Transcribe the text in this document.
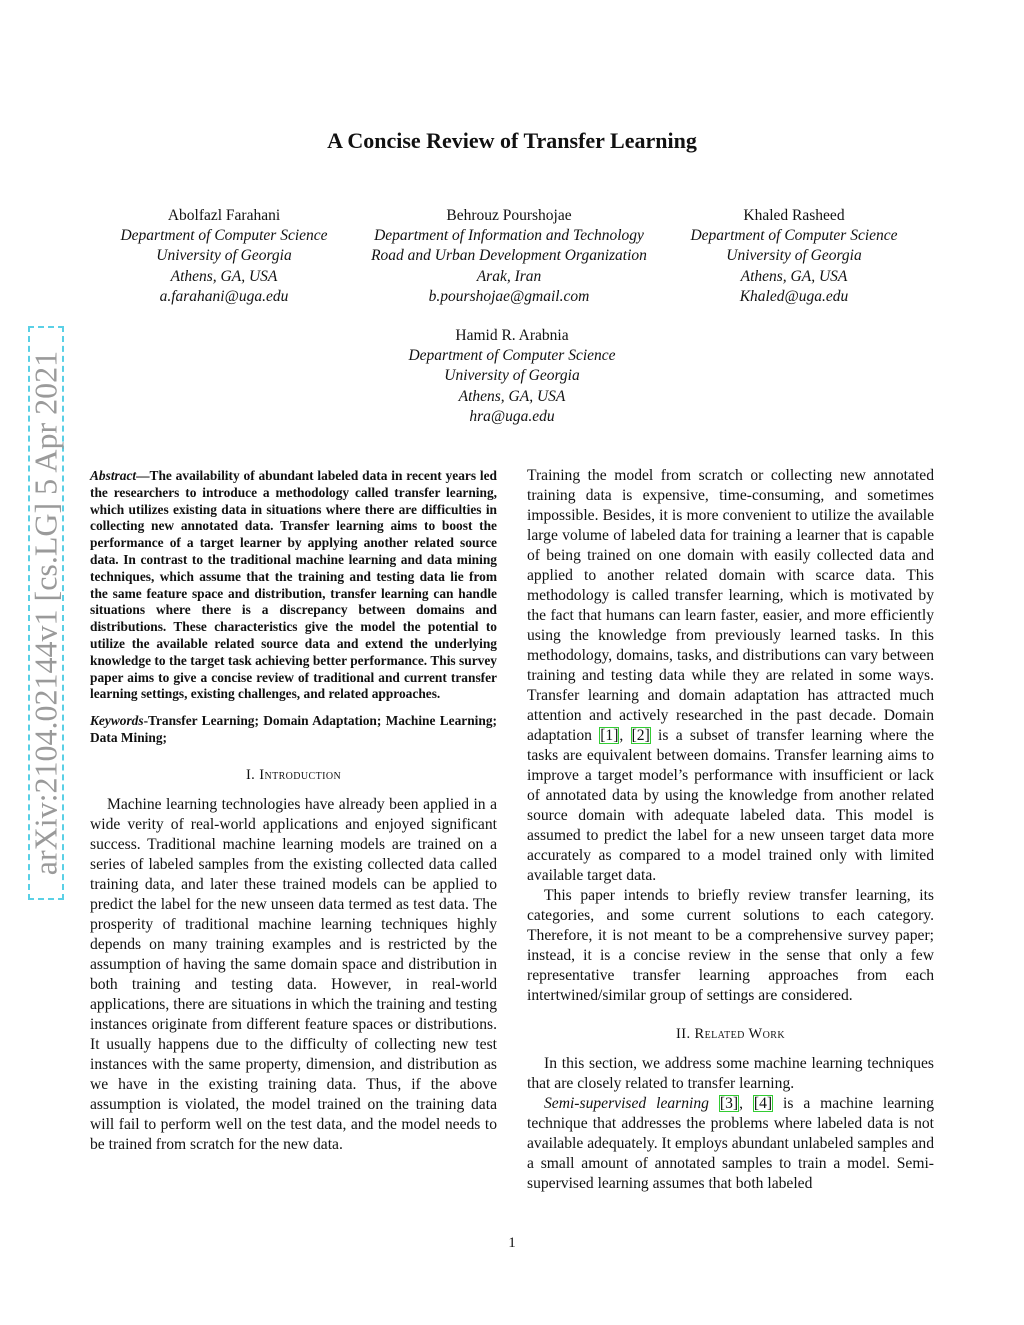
arXiv:2104.02144v1 [cs.LG] 5 Apr 2021
A Concise Review of Transfer Learning
Abolfazl Farahani
Department of Computer Science
University of Georgia
Athens, GA, USA
a.farahani@uga.edu
Behrouz Pourshojae
Department of Information and Technology
Road and Urban Development Organization
Arak, Iran
b.pourshojae@gmail.com
Khaled Rasheed
Department of Computer Science
University of Georgia
Athens, GA, USA
Khaled@uga.edu
Hamid R. Arabnia
Department of Computer Science
University of Georgia
Athens, GA, USA
hra@uga.edu

Abstract—The availability of abundant labeled data in recent years led the researchers to introduce a methodology called transfer learning, which utilizes existing data in situations where there are difficulties in collecting new annotated data. Transfer learning aims to boost the performance of a target learner by applying another related source data. In contrast to the traditional machine learning and data mining techniques, which assume that the training and testing data lie from the same feature space and distribution, transfer learning can handle situations where there is a discrepancy between domains and distributions. These characteristics give the model the potential to utilize the available related source data and extend the underlying knowledge to the target task achieving better performance. This survey paper aims to give a concise review of traditional and current transfer learning settings, existing challenges, and related approaches.

Keywords-Transfer Learning; Domain Adaptation; Machine Learning; Data Mining;

I. Introduction

Machine learning technologies have already been applied in a wide verity of real-world applications and enjoyed significant success. Traditional machine learning models are trained on a series of labeled samples from the existing collected data called training data, and later these trained models can be applied to predict the label for the new unseen data termed as test data. The prosperity of traditional machine learning techniques highly depends on many training examples and is restricted by the assumption of having the same domain space and distribution in both training and testing data. However, in real-world applications, there are situations in which the training and testing instances originate from different feature spaces or distributions. It usually happens due to the difficulty of collecting new test instances with the same property, dimension, and distribution as we have in the existing training data. Thus, if the above assumption is violated, the model trained on the training data will fail to perform well on the test data, and the model needs to be trained from scratch for the new data.

Training the model from scratch or collecting new annotated training data is expensive, time-consuming, and sometimes impossible. Besides, it is more convenient to utilize the available large volume of labeled data for training a learner that is capable of being trained on one domain with easily collected data and applied to another related domain with scarce data. This methodology is called transfer learning, which is motivated by the fact that humans can learn faster, easier, and more efficiently using the knowledge from previously learned tasks. In this methodology, domains, tasks, and distributions can vary between training and testing data while they are related in some ways. Transfer learning and domain adaptation has attracted much attention and actively researched in the past decade. Domain adaptation [1], [2] is a subset of transfer learning where the tasks are equivalent between domains. Transfer learning aims to improve a target model’s performance with insufficient or lack of annotated data by using the knowledge from another related source domain with adequate labeled data. This model is assumed to predict the label for a new unseen target data more accurately as compared to a model trained only with limited available target data.

This paper intends to briefly review transfer learning, its categories, and some current solutions to each category. Therefore, it is not meant to be a comprehensive survey paper; instead, it is a concise review in the sense that only a few representative transfer learning approaches from each intertwined/similar group of settings are considered.

II. Related Work

In this section, we address some machine learning techniques that are closely related to transfer learning.

Semi-supervised learning [3], [4] is a machine learning technique that addresses the problems where labeled data is not available adequately. It employs abundant unlabeled samples and a small amount of annotated samples to train a model. Semi-supervised learning assumes that both labeled

1
